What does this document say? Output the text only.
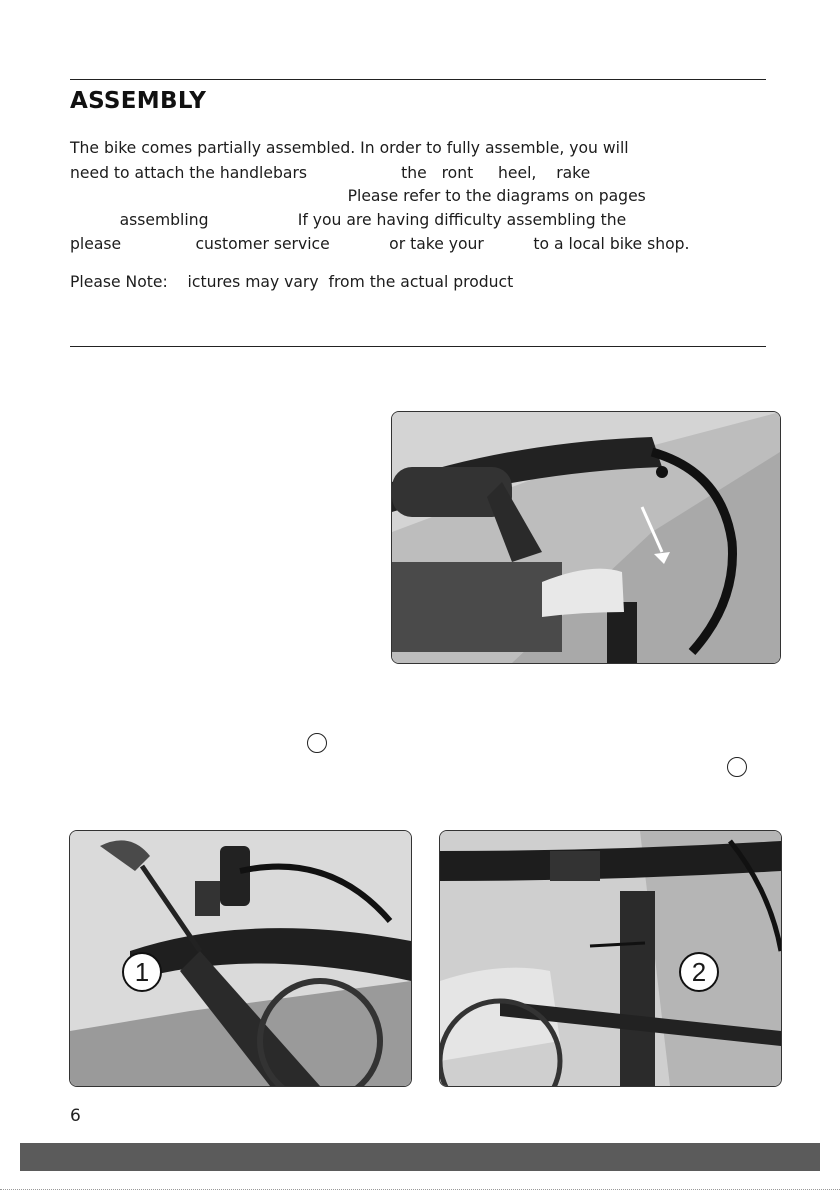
ASSEMBLY
The bike comes partially assembled. In order to fully assemble, you will
need to attach the handlebars                   the   ront     heel,    rake
Please refer to the diagrams on pages
assembling                  If you are having difficulty assembling the
please               customer service            or take your          to a local bike shop.
Please Note:    ictures may vary  from the actual product
1	2
6
